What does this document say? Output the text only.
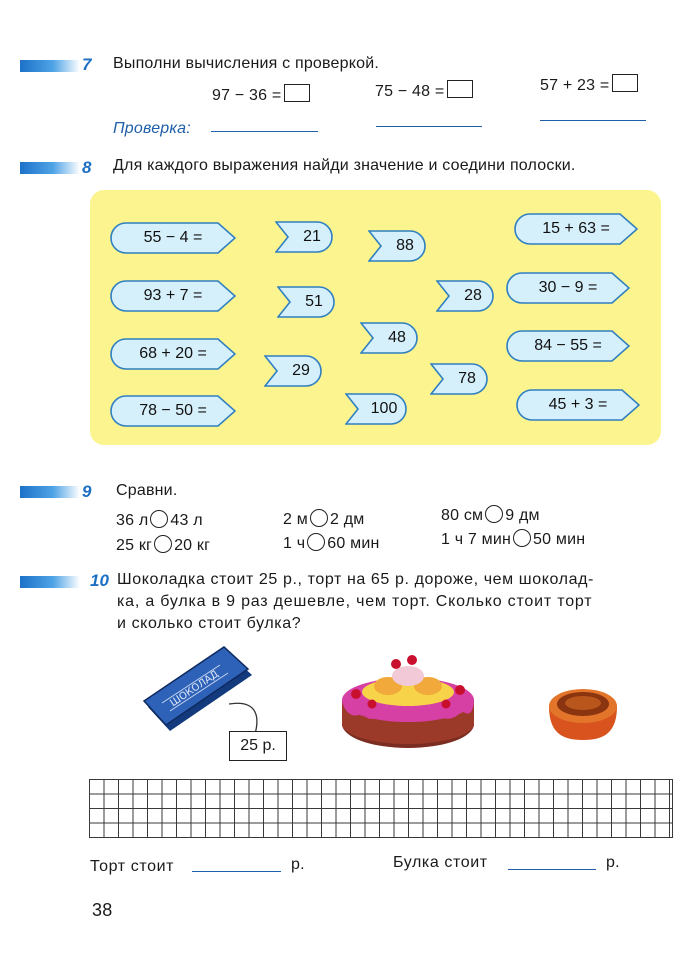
7 Выполни вычисления с проверкой.
97 − 36 =	75 − 48 =	57 + 23 =
Проверка:
8 Для каждого выражения найди значение и соедини полоски.
55 − 4 =
93 + 7 =
68 + 20 =
78 − 50 =
21
51
29
88
48
100
28
78
15 + 63 =
30 − 9 =
84 − 55 =
45 + 3 =
9 Сравни.
36 л 43 л
25 кг 20 кг
2 м 2 дм
1 ч 60 мин
80 см 9 дм
1 ч 7 мин 50 мин
10 Шоколадка стоит 25 р., торт на 65 р. дороже, чем шоколад-
ка, а булка в 9 раз дешевле, чем торт. Сколько стоит торт
и сколько стоит булка?
ШОКОЛАД
25 р.
Торт стоит	р.	Булка стоит	р.
38
